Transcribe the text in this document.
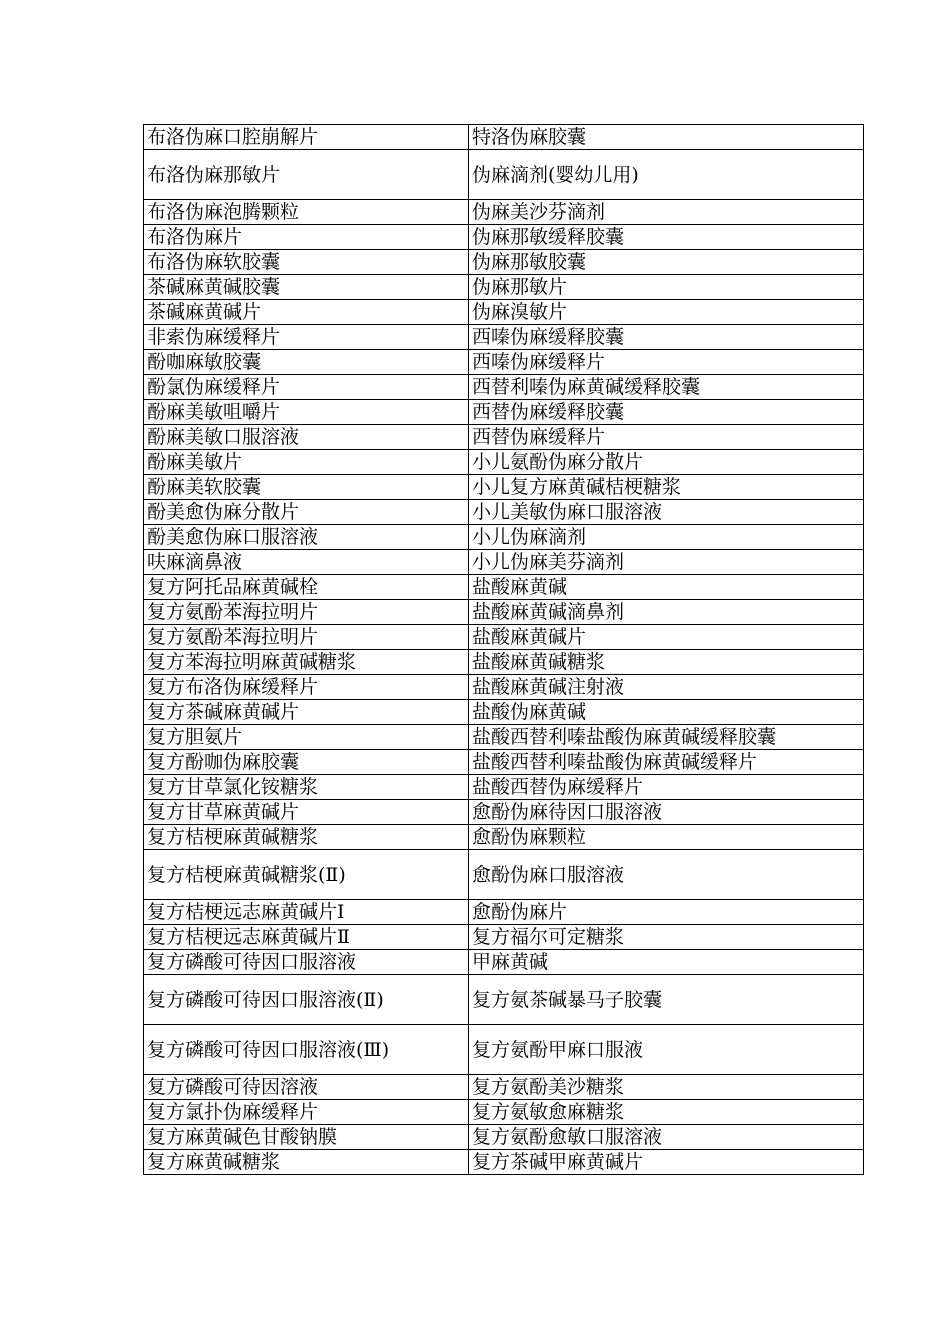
布洛伪麻口腔崩解片	特洛伪麻胶囊
布洛伪麻那敏片	伪麻滴剂(婴幼儿用)
布洛伪麻泡腾颗粒	伪麻美沙芬滴剂
布洛伪麻片	伪麻那敏缓释胶囊
布洛伪麻软胶囊	伪麻那敏胶囊
茶碱麻黄碱胶囊	伪麻那敏片
茶碱麻黄碱片	伪麻溴敏片
非索伪麻缓释片	西嗪伪麻缓释胶囊
酚咖麻敏胶囊	西嗪伪麻缓释片
酚氯伪麻缓释片	西替利嗪伪麻黄碱缓释胶囊
酚麻美敏咀嚼片	西替伪麻缓释胶囊
酚麻美敏口服溶液	西替伪麻缓释片
酚麻美敏片	小儿氨酚伪麻分散片
酚麻美软胶囊	小儿复方麻黄碱桔梗糖浆
酚美愈伪麻分散片	小儿美敏伪麻口服溶液
酚美愈伪麻口服溶液	小儿伪麻滴剂
呋麻滴鼻液	小儿伪麻美芬滴剂
复方阿托品麻黄碱栓	盐酸麻黄碱
复方氨酚苯海拉明片	盐酸麻黄碱滴鼻剂
复方氨酚苯海拉明片	盐酸麻黄碱片
复方苯海拉明麻黄碱糖浆	盐酸麻黄碱糖浆
复方布洛伪麻缓释片	盐酸麻黄碱注射液
复方茶碱麻黄碱片	盐酸伪麻黄碱
复方胆氨片	盐酸西替利嗪盐酸伪麻黄碱缓释胶囊
复方酚咖伪麻胶囊	盐酸西替利嗪盐酸伪麻黄碱缓释片
复方甘草氯化铵糖浆	盐酸西替伪麻缓释片
复方甘草麻黄碱片	愈酚伪麻待因口服溶液
复方桔梗麻黄碱糖浆	愈酚伪麻颗粒
复方桔梗麻黄碱糖浆(Ⅱ)	愈酚伪麻口服溶液
复方桔梗远志麻黄碱片Ⅰ	愈酚伪麻片
复方桔梗远志麻黄碱片Ⅱ	复方福尔可定糖浆
复方磷酸可待因口服溶液	甲麻黄碱
复方磷酸可待因口服溶液(Ⅱ)	复方氨茶碱暴马子胶囊
复方磷酸可待因口服溶液(Ⅲ)	复方氨酚甲麻口服液
复方磷酸可待因溶液	复方氨酚美沙糖浆
复方氯扑伪麻缓释片	复方氨敏愈麻糖浆
复方麻黄碱色甘酸钠膜	复方氨酚愈敏口服溶液
复方麻黄碱糖浆	复方茶碱甲麻黄碱片
